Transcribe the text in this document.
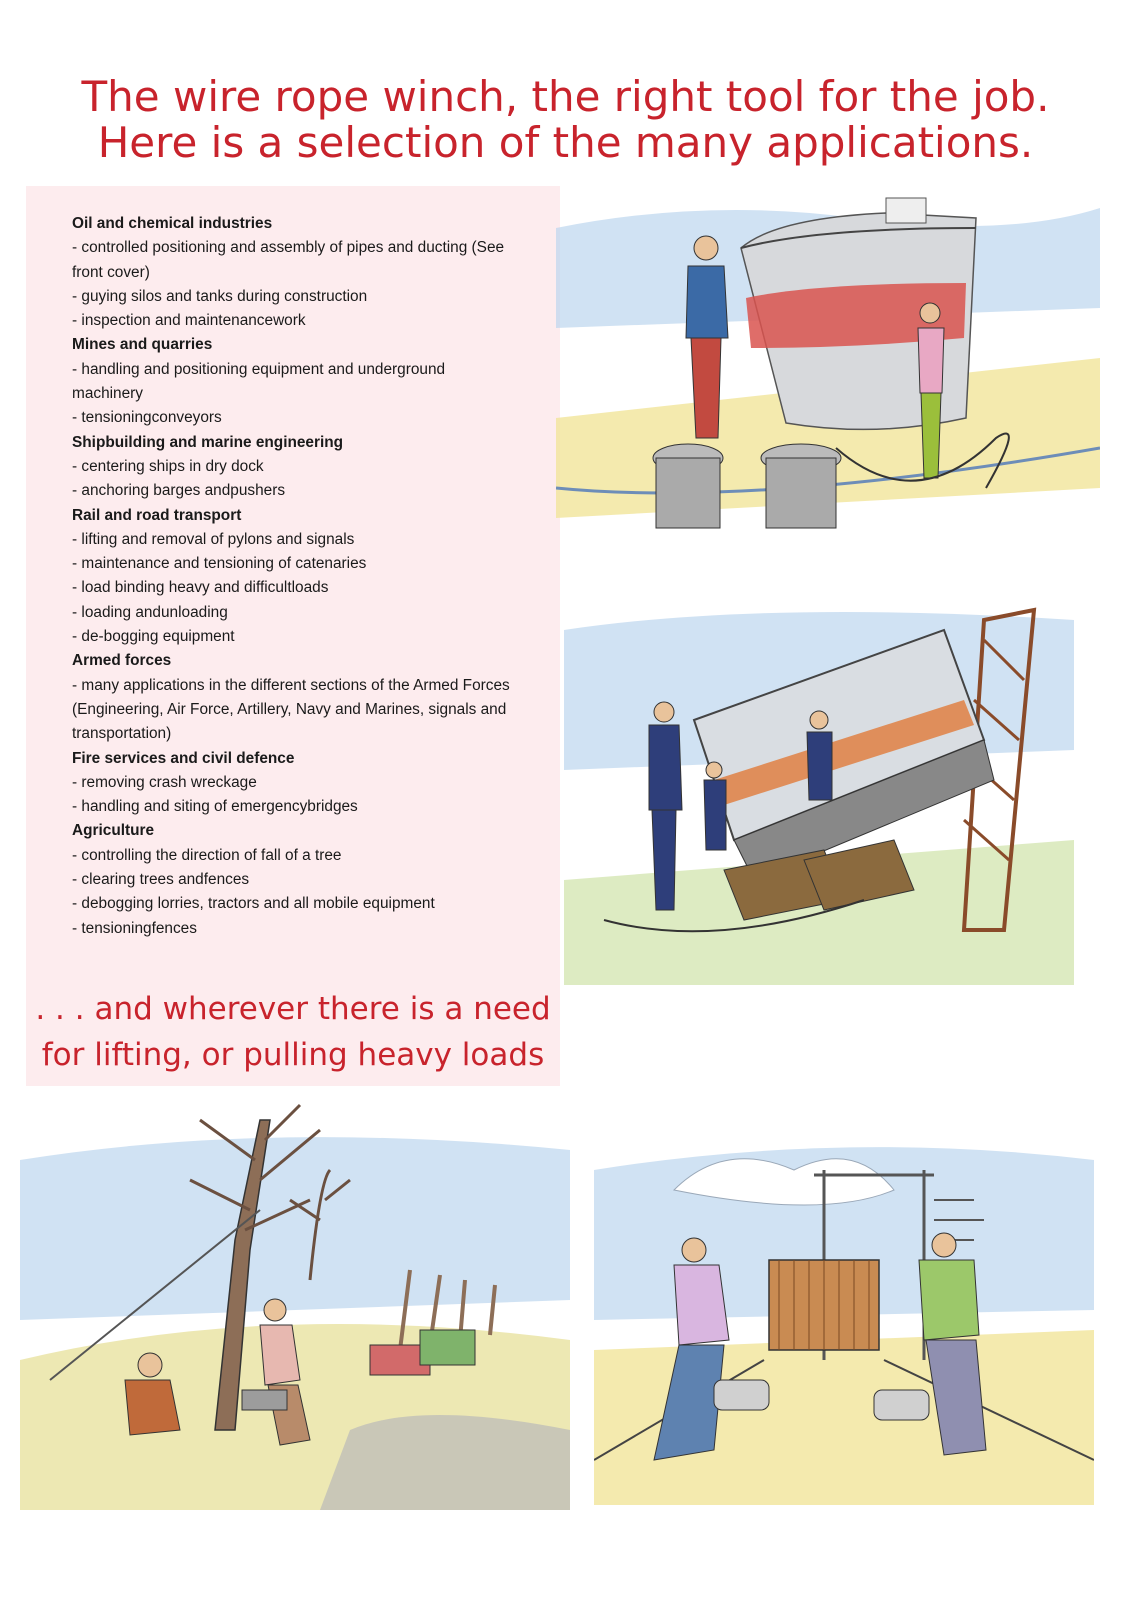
The wire rope winch, the right tool for the job.
Here is a selection of the many applications.
Oil and chemical industries
- controlled positioning and assembly of pipes and ducting (See front cover)
- guying silos and tanks during construction
- inspection and maintenancework
Mines and quarries
- handling and positioning equipment and underground machinery
- tensioningconveyors
Shipbuilding and marine engineering
- centering ships in dry dock
- anchoring barges andpushers
Rail and road transport
- lifting and removal of pylons and signals
- maintenance and tensioning of catenaries
- load binding heavy and difficultloads
- loading andunloading
- de-bogging equipment
Armed forces
- many applications in the different sections of the Armed Forces (Engineering, Air Force, Artillery, Navy and Marines, signals and transportation)
Fire services and civil defence
- removing crash wreckage
- handling and siting of emergencybridges
Agriculture
- controlling the direction of fall of a tree
- clearing trees andfences
- debogging lorries, tractors and all mobile equipment
- tensioningfences
. . . and wherever there is a need
for lifting, or pulling heavy loads
